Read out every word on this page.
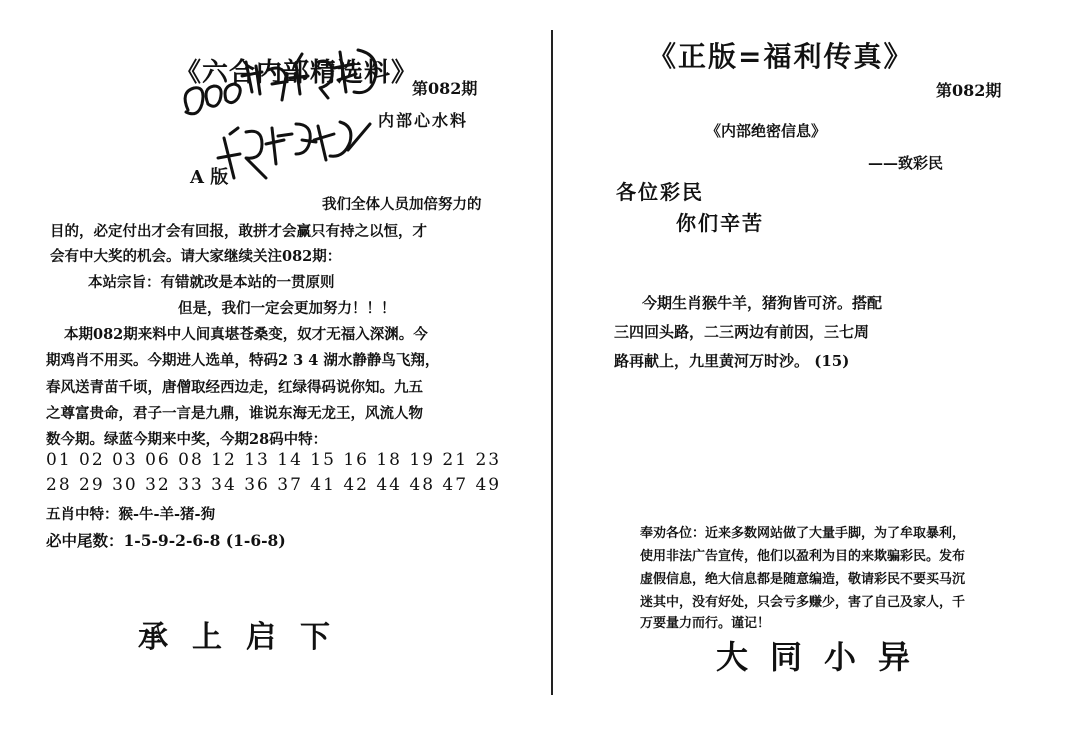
《六合内部精选料》
第082期
内部心水料
A 版
我们全体人员加倍努力的
目的，必定付出才会有回报，敢拼才会赢只有持之以恒，才
会有中大奖的机会。请大家继续关注082期：
本站宗旨：有错就改是本站的一贯原则
但是，我们一定会更加努力！！！
本期082期来料中人间真堪苍桑变，奴才无福入深渊。今
期鸡肖不用买。今期进人选单，特码2 3 4 湖水静静鸟飞翔，
春风送青苗千顷，唐僧取经西边走，红绿得码说你知。九五
之尊富贵命，君子一言是九鼎，谁说东海无龙王，风流人物
数今期。绿蓝今期来中奖，今期28码中特：
01 02 03 06 08 12 13 14 15 16 18 19 21 23
28 29 30 32 33 34 36 37 41 42 44 48 47 49
五肖中特：猴-牛-羊-猪-狗
必中尾数：1-5-9-2-6-8 (1-6-8)
承上启下
《正版=福利传真》
第082期
《内部绝密信息》
——致彩民
各位彩民
你们辛苦
今期生肖猴牛羊，猪狗皆可济。搭配
三四回头路，二三两边有前因，三七周
路再献上，九里黄河万时沙。 (15)
奉劝各位：近来多数网站做了大量手脚，为了牟取暴利，
使用非法广告宣传，他们以盈利为目的来欺骗彩民。发布
虚假信息，绝大信息都是随意编造，敬请彩民不要买马沉
迷其中，没有好处，只会亏多赚少，害了自己及家人，千
万要量力而行。谨记！
大同小异
